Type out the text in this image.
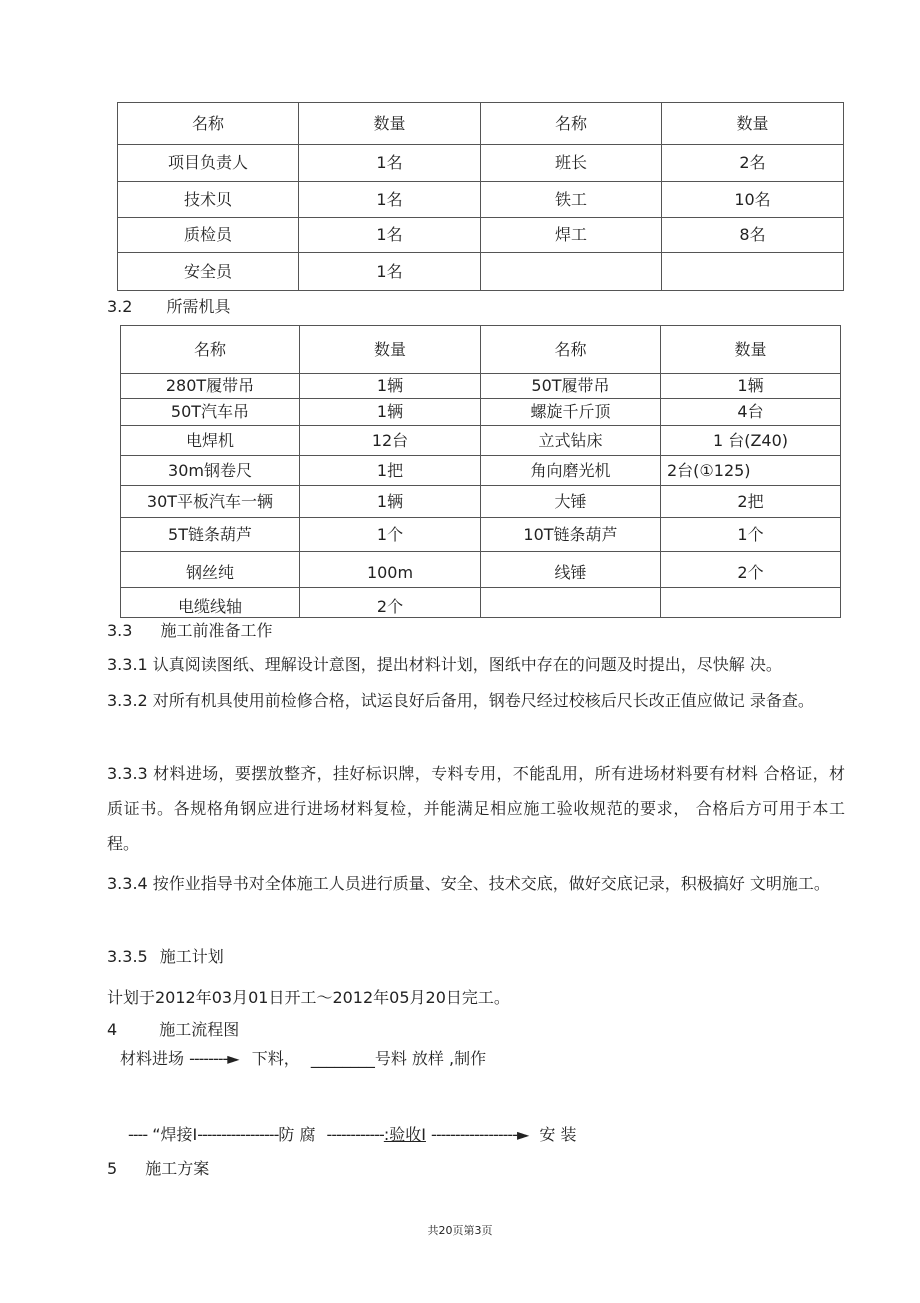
名称	数量	名称	数量
项目负责人	1名	班长	2名
技术贝	1名	铁工	10名
质检员	1名	焊工	8名
安全员	1名		
3.2 所需机具
名称	数量	名称	数量
280T履带吊	1辆	50T履带吊	1辆
50T汽车吊	1辆	螺旋千斤顶	4台
电焊机	12台	立式钻床	1 台(Z40)
30m钢卷尺	1把	角向磨光机	2台(①125)
30T平板汽车一辆	1辆	大锤	2把
5T链条葫芦	1个	10T链条葫芦	1个
钢丝纯	100m	线锤	2个
电缆线轴	2个		
3.3 施工前准备工作
3.3.1 认真阅读图纸、理解设计意图，提出材料计划，图纸中存在的问题及时提出，尽快解 决。
3.3.2 对所有机具使用前检修合格，试运良好后备用，钢卷尺经过校核后尺长改正值应做记 录备查。
3.3.3 材料进场，要摆放整齐，挂好标识牌，专料专用，不能乱用，所有进场材料要有材料 合格证，材质证书。各规格角钢应进行进场材料复检，并能满足相应施工验收规范的要求， 合格后方可用于本工程。
3.3.4 按作业指导书对全体施工人员进行质量、安全、技术交底，做好交底记录，积极搞好 文明施工。
3.3.5 施工计划
计划于2012年03月01日开工～2012年05月20日完工。
4	施工流程图
材料进场 --------► 下料， ________号料 放样 ,制作
---- “焊接I-----------------防 腐 ------------:验收I ------------------► 安 装
5 施工方案
共20页第3页
